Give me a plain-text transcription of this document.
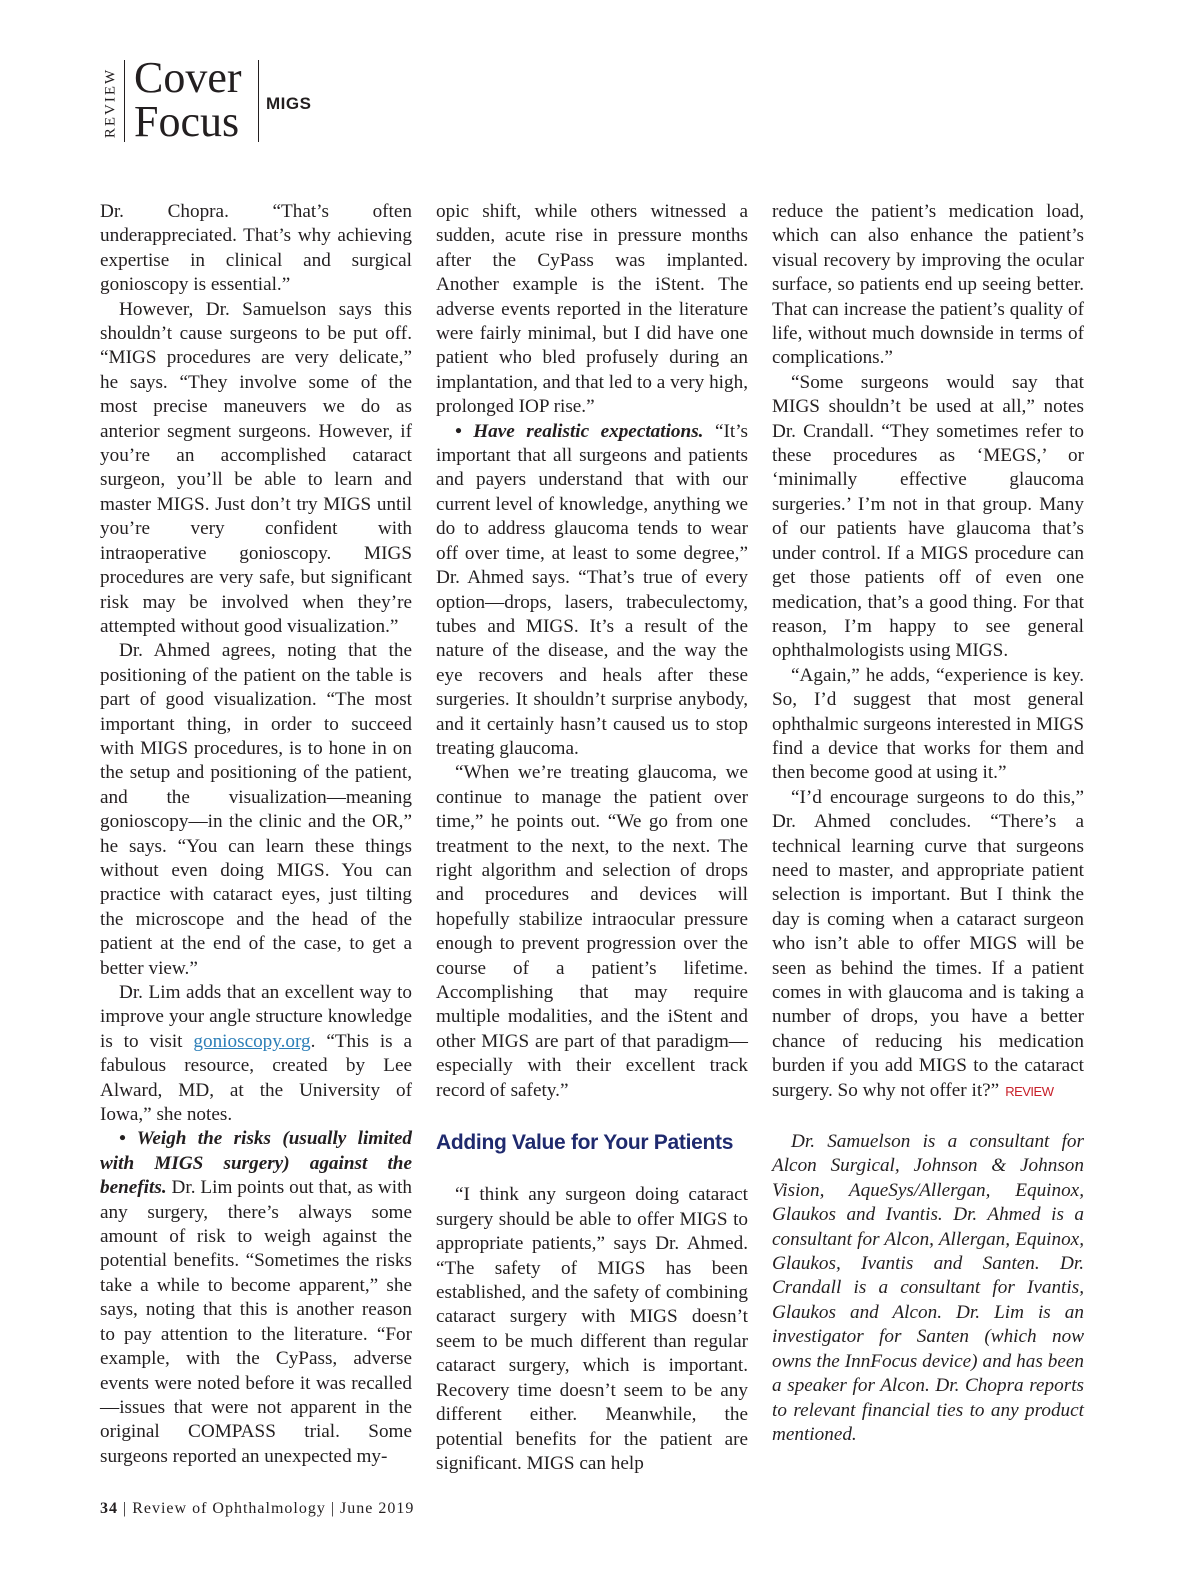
REVIEW Cover
Focus MIGS

Dr. Chopra. “That’s often underappreciated. That’s why achieving expertise in clinical and surgical gonioscopy is essential.”

However, Dr. Samuelson says this shouldn’t cause surgeons to be put off. “MIGS procedures are very delicate,” he says. “They involve some of the most precise maneuvers we do as anterior segment surgeons. However, if you’re an accomplished cataract surgeon, you’ll be able to learn and master MIGS. Just don’t try MIGS until you’re very confident with intraoperative gonioscopy. MIGS procedures are very safe, but significant risk may be involved when they’re attempted without good visualization.”

Dr. Ahmed agrees, noting that the positioning of the patient on the table is part of good visualization. “The most important thing, in order to succeed with MIGS procedures, is to hone in on the setup and positioning of the patient, and the visualization—meaning gonioscopy—in the clinic and the OR,” he says. “You can learn these things without even doing MIGS. You can practice with cataract eyes, just tilting the microscope and the head of the patient at the end of the case, to get a better view.”

Dr. Lim adds that an excellent way to improve your angle structure knowledge is to visit gonioscopy.org. “This is a fabulous resource, created by Lee Alward, MD, at the University of Iowa,” she notes.

• Weigh the risks (usually limited with MIGS surgery) against the benefits. Dr. Lim points out that, as with any surgery, there’s always some amount of risk to weigh against the potential benefits. “Sometimes the risks take a while to become apparent,” she says, noting that this is another reason to pay attention to the literature. “For example, with the CyPass, adverse events were noted before it was recalled—issues that were not apparent in the original COMPASS trial. Some surgeons reported an unexpected my-

opic shift, while others witnessed a sudden, acute rise in pressure months after the CyPass was implanted. Another example is the iStent. The adverse events reported in the literature were fairly minimal, but I did have one patient who bled profusely during an implantation, and that led to a very high, prolonged IOP rise.”

• Have realistic expectations. “It’s important that all surgeons and patients and payers understand that with our current level of knowledge, anything we do to address glaucoma tends to wear off over time, at least to some degree,” Dr. Ahmed says. “That’s true of every option—drops, lasers, trabeculectomy, tubes and MIGS. It’s a result of the nature of the disease, and the way the eye recovers and heals after these surgeries. It shouldn’t surprise anybody, and it certainly hasn’t caused us to stop treating glaucoma.

“When we’re treating glaucoma, we continue to manage the patient over time,” he points out. “We go from one treatment to the next, to the next. The right algorithm and selection of drops and procedures and devices will hopefully stabilize intraocular pressure enough to prevent progression over the course of a patient’s lifetime. Accomplishing that may require multiple modalities, and the iStent and other MIGS are part of that paradigm—especially with their excellent track record of safety.”

Adding Value for Your Patients

“I think any surgeon doing cataract surgery should be able to offer MIGS to appropriate patients,” says Dr. Ahmed. “The safety of MIGS has been established, and the safety of combining cataract surgery with MIGS doesn’t seem to be much different than regular cataract surgery, which is important. Recovery time doesn’t seem to be any different either. Meanwhile, the potential benefits for the patient are significant. MIGS can help

reduce the patient’s medication load, which can also enhance the patient’s visual recovery by improving the ocular surface, so patients end up seeing better. That can increase the patient’s quality of life, without much downside in terms of complications.”

“Some surgeons would say that MIGS shouldn’t be used at all,” notes Dr. Crandall. “They sometimes refer to these procedures as ‘MEGS,’ or ‘minimally effective glaucoma surgeries.’ I’m not in that group. Many of our patients have glaucoma that’s under control. If a MIGS procedure can get those patients off of even one medication, that’s a good thing. For that reason, I’m happy to see general ophthalmologists using MIGS.

“Again,” he adds, “experience is key. So, I’d suggest that most general ophthalmic surgeons interested in MIGS find a device that works for them and then become good at using it.”

“I’d encourage surgeons to do this,” Dr. Ahmed concludes. “There’s a technical learning curve that surgeons need to master, and appropriate patient selection is important. But I think the day is coming when a cataract surgeon who isn’t able to offer MIGS will be seen as behind the times. If a patient comes in with glaucoma and is taking a number of drops, you have a better chance of reducing his medication burden if you add MIGS to the cataract surgery. So why not offer it?” REVIEW

Dr. Samuelson is a consultant for Alcon Surgical, Johnson & Johnson Vision, AqueSys/Allergan, Equinox, Glaukos and Ivantis. Dr. Ahmed is a consultant for Alcon, Allergan, Equinox, Glaukos, Ivantis and Santen. Dr. Crandall is a consultant for Ivantis, Glaukos and Alcon. Dr. Lim is an investigator for Santen (which now owns the InnFocus device) and has been a speaker for Alcon. Dr. Chopra reports to relevant financial ties to any product mentioned.

34 | Review of Ophthalmology | June 2019
